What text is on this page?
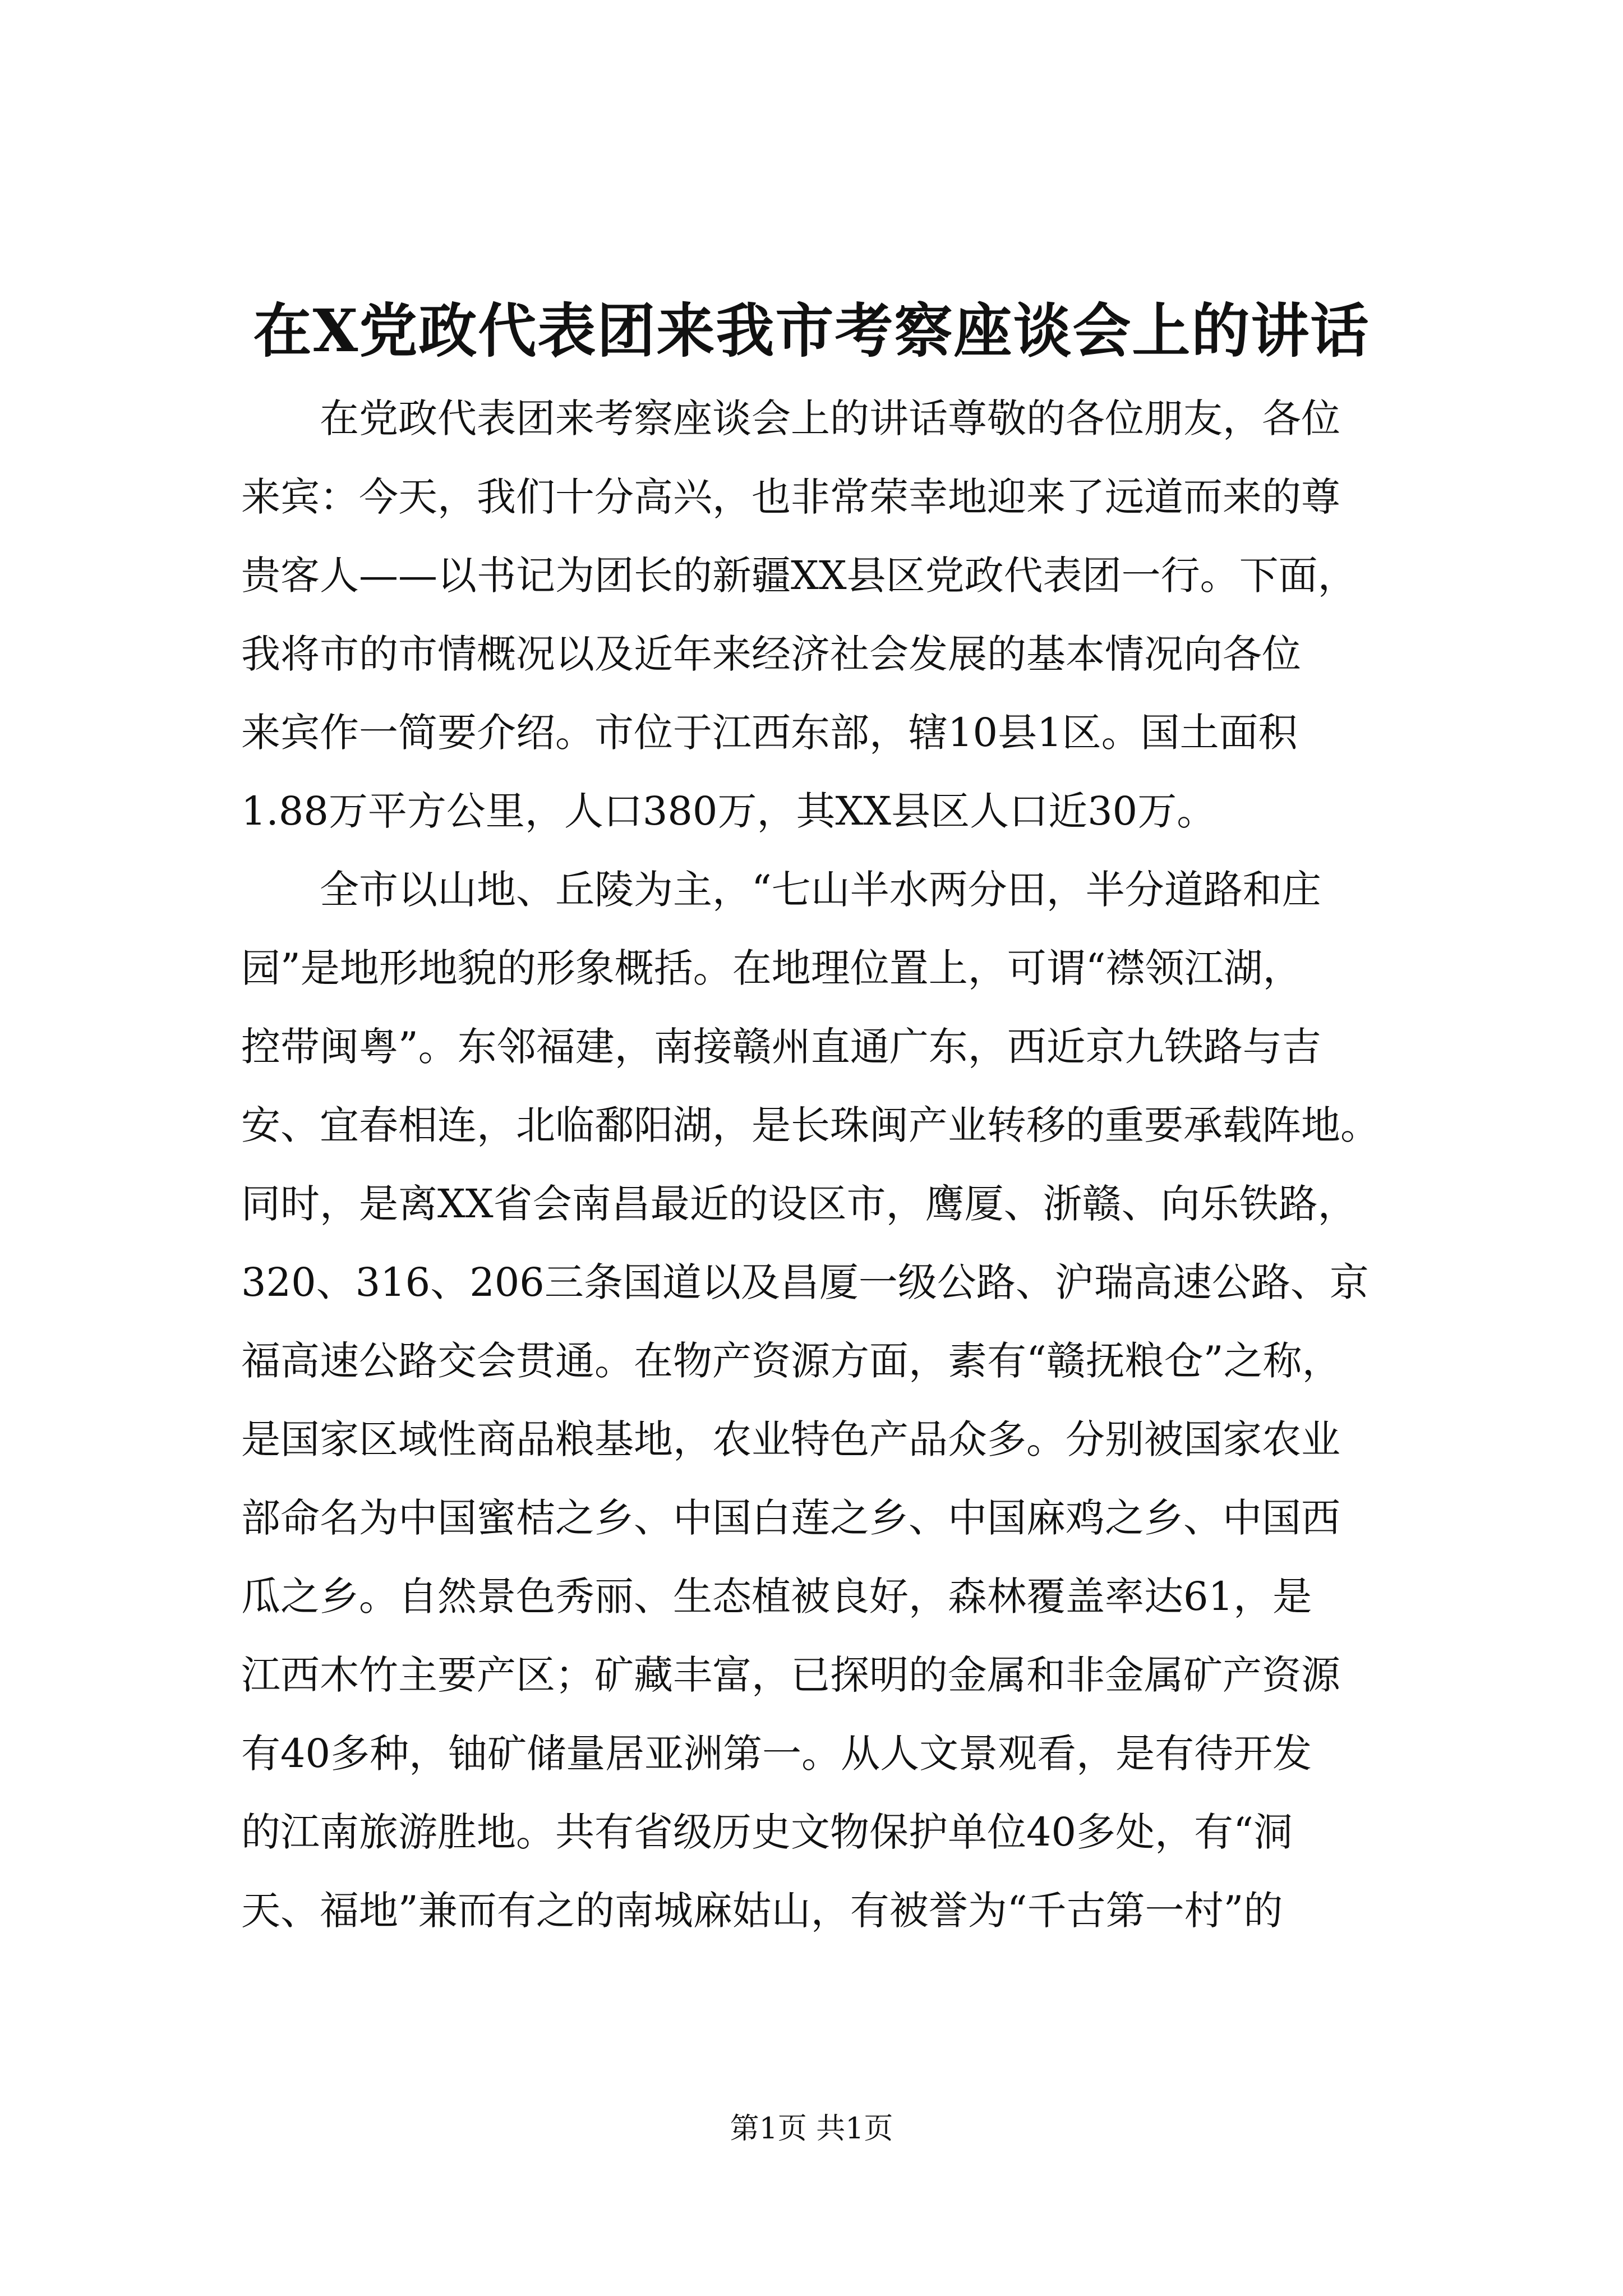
在X党政代表团来我市考察座谈会上的讲话
　　在党政代表团来考察座谈会上的讲话尊敬的各位朋友，各位
来宾：今天，我们十分高兴，也非常荣幸地迎来了远道而来的尊
贵客人——以书记为团长的新疆XX县区党政代表团一行。下面，
我将市的市情概况以及近年来经济社会发展的基本情况向各位
来宾作一简要介绍。市位于江西东部，辖10县1区。国土面积
1.88万平方公里，人口380万，其XX县区人口近30万。
　　全市以山地、丘陵为主，“七山半水两分田，半分道路和庄
园”是地形地貌的形象概括。在地理位置上，可谓“襟领江湖，
控带闽粤”。东邻福建，南接赣州直通广东，西近京九铁路与吉
安、宜春相连，北临鄱阳湖，是长珠闽产业转移的重要承载阵地。
同时，是离XX省会南昌最近的设区市，鹰厦、浙赣、向乐铁路，
320、316、206三条国道以及昌厦一级公路、沪瑞高速公路、京
福高速公路交会贯通。在物产资源方面，素有“赣抚粮仓”之称，
是国家区域性商品粮基地，农业特色产品众多。分别被国家农业
部命名为中国蜜桔之乡、中国白莲之乡、中国麻鸡之乡、中国西
瓜之乡。自然景色秀丽、生态植被良好，森林覆盖率达61，是
江西木竹主要产区；矿藏丰富，已探明的金属和非金属矿产资源
有40多种，铀矿储量居亚洲第一。从人文景观看，是有待开发
的江南旅游胜地。共有省级历史文物保护单位40多处，有“洞
天、福地”兼而有之的南城麻姑山，有被誉为“千古第一村”的
第1页 共1页
